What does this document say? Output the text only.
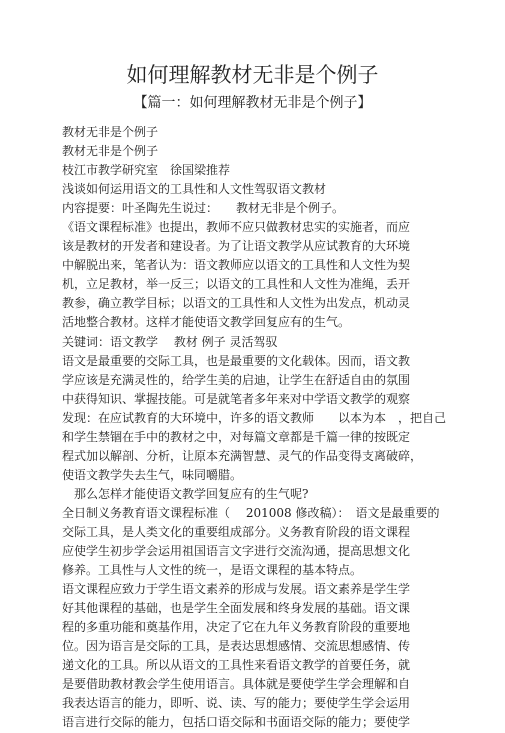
如何理解教材无非是个例子
【篇一：如何理解教材无非是个例子】
教材无非是个例子
教材无非是个例子
枝江市教学研究室　徐国梁推荐
浅谈如何运用语文的工具性和人文性驾驭语文教材
内容提要：叶圣陶先生说过：　　教材无非是个例子。
《语文课程标准》也提出，教师不应只做教材忠实的实施者，而应
该是教材的开发者和建设者。为了让语文教学从应试教育的大环境
中解脱出来，笔者认为：语文教师应以语文的工具性和人文性为契
机，立足教材，举一反三；以语文的工具性和人文性为准绳，丢开
教参，确立教学目标；以语文的工具性和人文性为出发点，机动灵
活地整合教材。这样才能使语文教学回复应有的生气。
关键词：语文教学　 教材 例子 灵活驾驭
语文是最重要的交际工具，也是最重要的文化载体。因而，语文教
学应该是充满灵性的，给学生美的启迪，让学生在舒适自由的氛围
中获得知识、掌握技能。可是就笔者多年来对中学语文教学的观察
发现：在应试教育的大环境中，许多的语文教师　　以本为本　，把自己
和学生禁锢在手中的教材之中，对每篇文章都是千篇一律的按既定
程式加以解剖、分析，让原本充满智慧、灵气的作品变得支离破碎，
使语文教学失去生气，味同嚼腊。
　那么怎样才能使语文教学回复应有的生气呢?
全日制义务教育语文课程标准（　 201008 修改稿）：　语文是最重要的
交际工具，是人类文化的重要组成部分。义务教育阶段的语文课程
应使学生初步学会运用祖国语言文字进行交流沟通，提高思想文化
修养。工具性与人文性的统一，是语文课程的基本特点。
语文课程应致力于学生语文素养的形成与发展。语文素养是学生学
好其他课程的基础，也是学生全面发展和终身发展的基础。语文课
程的多重功能和奠基作用，决定了它在九年义务教育阶段的重要地
位。因为语言是交际的工具，是表达思想感情、交流思想感情、传
递文化的工具。所以从语文的工具性来看语文教学的首要任务，就
是要借助教材教会学生使用语言。具体就是要使学生学会理解和自
我表达语言的能力，即听、说、读、写的能力；要使学生学会运用
语言进行交际的能力，包括口语交际和书面语交际的能力；要使学
